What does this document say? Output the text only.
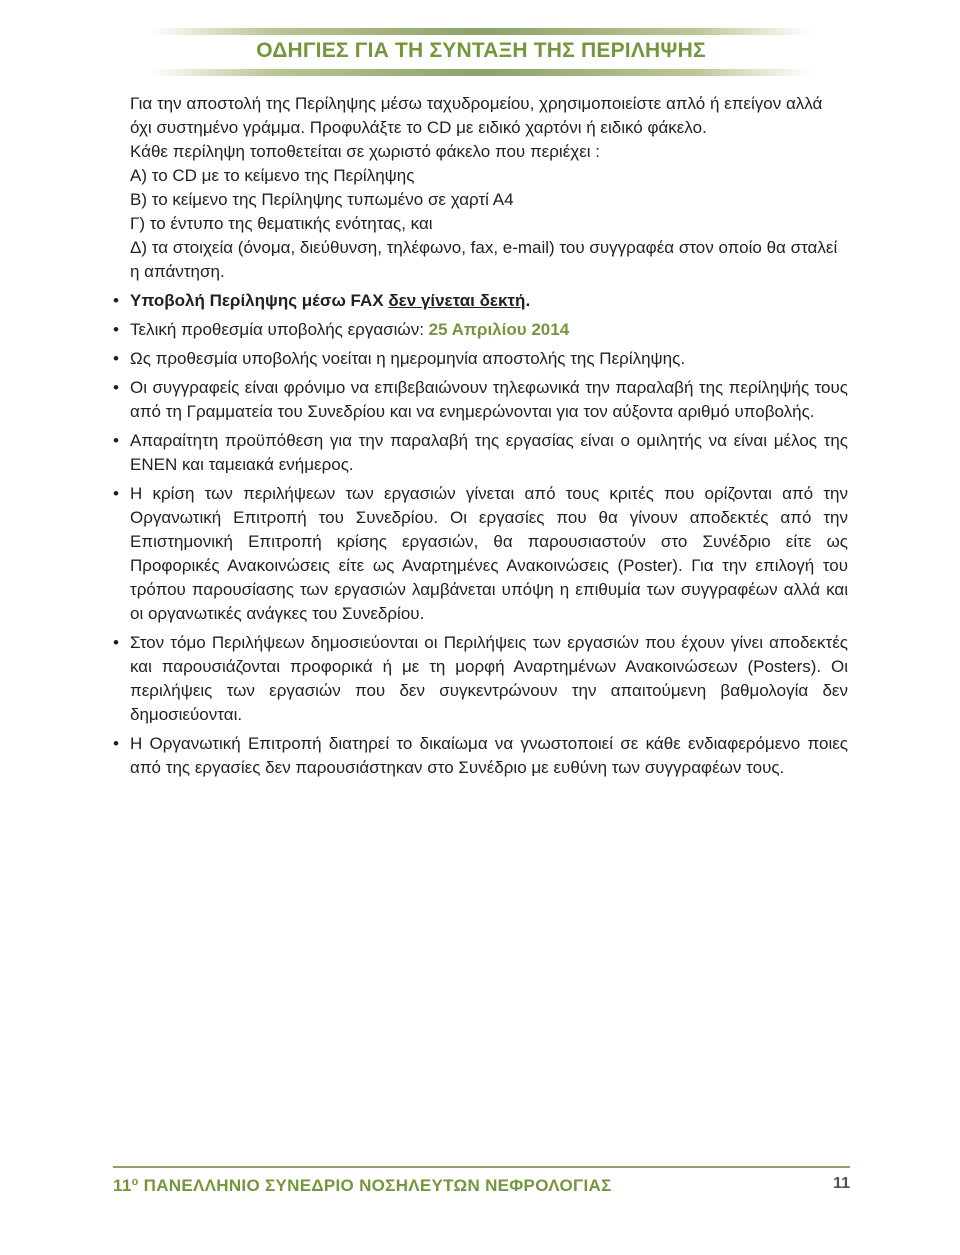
ΟΔΗΓΙΕΣ ΓΙΑ ΤΗ ΣΥΝΤΑΞΗ ΤΗΣ ΠΕΡΙΛΗΨΗΣ

Για την αποστολή της Περίληψης μέσω ταχυδρομείου, χρησιμοποιείστε απλό ή επείγον αλλά όχι συστημένο γράμμα. Προφυλάξτε το CD με ειδικό χαρτόνι ή ειδικό φάκελο.

Κάθε περίληψη τοποθετείται σε χωριστό φάκελο που περιέχει :

Α) το CD με το κείμενο της Περίληψης

Β) το κείμενο της Περίληψης τυπωμένο σε χαρτί Α4

Γ) το έντυπο της θεματικής ενότητας, και

Δ) τα στοιχεία (όνομα, διεύθυνση, τηλέφωνο, fax, e-mail) του συγγραφέα στον οποίο θα σταλεί η απάντηση.

• Υποβολή Περίληψης μέσω FAX δεν γίνεται δεκτή.
• Τελική προθεσμία υποβολής εργασιών: 25 Απριλίου 2014
• Ως προθεσμία υποβολής νοείται η ημερομηνία αποστολής της Περίληψης.
• Οι συγγραφείς είναι φρόνιμο να επιβεβαιώνουν τηλεφωνικά την παραλαβή της περίληψής τους από τη Γραμματεία του Συνεδρίου και να ενημερώνονται για τον αύξοντα αριθμό υποβολής.
• Απαραίτητη προϋπόθεση για την παραλαβή της εργασίας είναι ο ομιλητής να είναι μέλος της ΕΝΕΝ και ταμειακά ενήμερος.
• Η κρίση των περιλήψεων των εργασιών γίνεται από τους κριτές που ορίζονται από την Οργανωτική Επιτροπή του Συνεδρίου. Οι εργασίες που θα γίνουν αποδεκτές από την Επιστημονική Επιτροπή κρίσης εργασιών, θα παρουσιαστούν στο Συνέδριο είτε ως Προφορικές Ανακοινώσεις είτε ως Αναρτημένες Ανακοινώσεις (Poster). Για την επιλογή του τρόπου παρουσίασης των εργασιών λαμβάνεται υπόψη η επιθυμία των συγγραφέων αλλά και οι οργανωτικές ανάγκες του Συνεδρίου.
• Στον τόμο Περιλήψεων δημοσιεύονται οι Περιλήψεις των εργασιών που έχουν γίνει αποδεκτές και παρουσιάζονται προφορικά ή με τη μορφή Αναρτημένων Ανακοινώσεων (Posters). Οι περιλήψεις των εργασιών που δεν συγκεντρώνουν την απαιτούμενη βαθμολογία δεν δημοσιεύονται.
• Η Οργανωτική Επιτροπή διατηρεί το δικαίωμα να γνωστοποιεί σε κάθε ενδιαφερόμενο ποιες από της εργασίες δεν παρουσιάστηκαν στο Συνέδριο με ευθύνη των συγγραφέων τους.
$11^o$ ΠΑΝΕΛΛΗΝΙΟ ΣΥΝΕΔΡΙΟ ΝΟΣΗΛΕΥΤΩΝ ΝΕΦΡΟΛΟΓΙΑΣ	11
